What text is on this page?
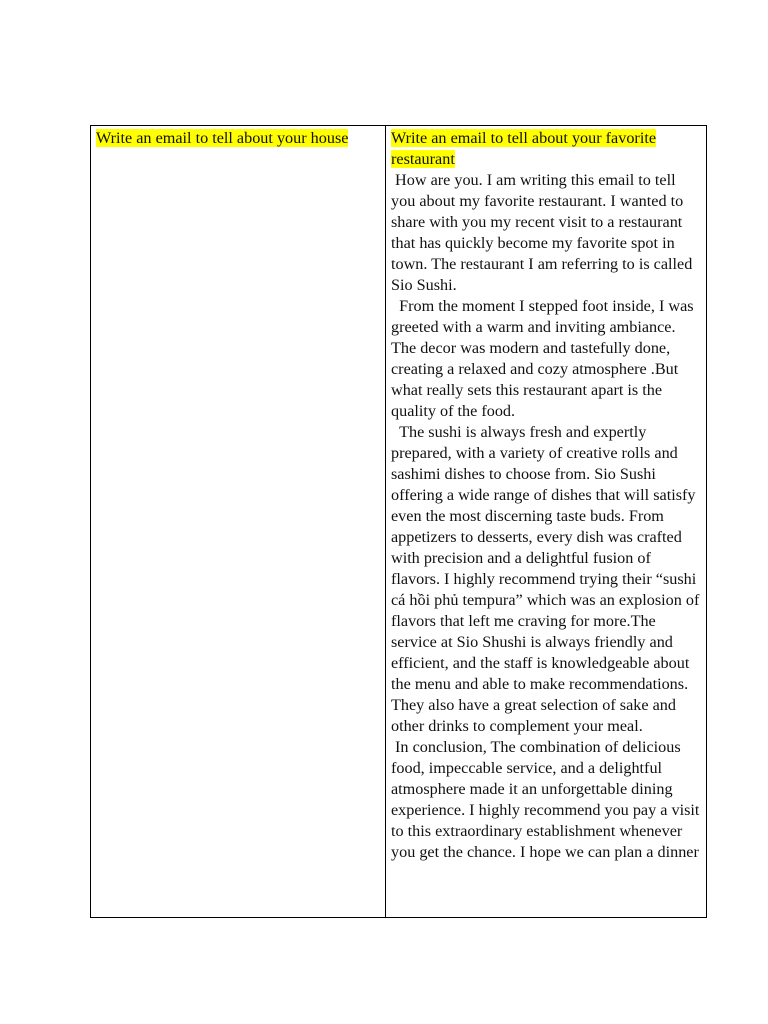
Write an email to tell about your house	Write an email to tell about your favorite restaurant

How are you. I am writing this email to tell you about my favorite restaurant. I wanted to share with you my recent visit to a restaurant that has quickly become my favorite spot in town. The restaurant I am referring to is called Sio Sushi.

From the moment I stepped foot inside, I was greeted with a warm and inviting ambiance. The decor was modern and tastefully done, creating a relaxed and cozy atmosphere .But what really sets this restaurant apart is the quality of the food.

The sushi is always fresh and expertly prepared, with a variety of creative rolls and sashimi dishes to choose from. Sio Sushi offering a wide range of dishes that will satisfy even the most discerning taste buds. From appetizers to desserts, every dish was crafted with precision and a delightful fusion of flavors. I highly recommend trying their “sushi cá hồi phủ tempura” which was an explosion of flavors that left me craving for more.The service at Sio Shushi is always friendly and efficient, and the staff is knowledgeable about the menu and able to make recommendations. They also have a great selection of sake and other drinks to complement your meal.

In conclusion, The combination of delicious food, impeccable service, and a delightful atmosphere made it an unforgettable dining experience. I highly recommend you pay a visit to this extraordinary establishment whenever you get the chance. I hope we can plan a dinner
